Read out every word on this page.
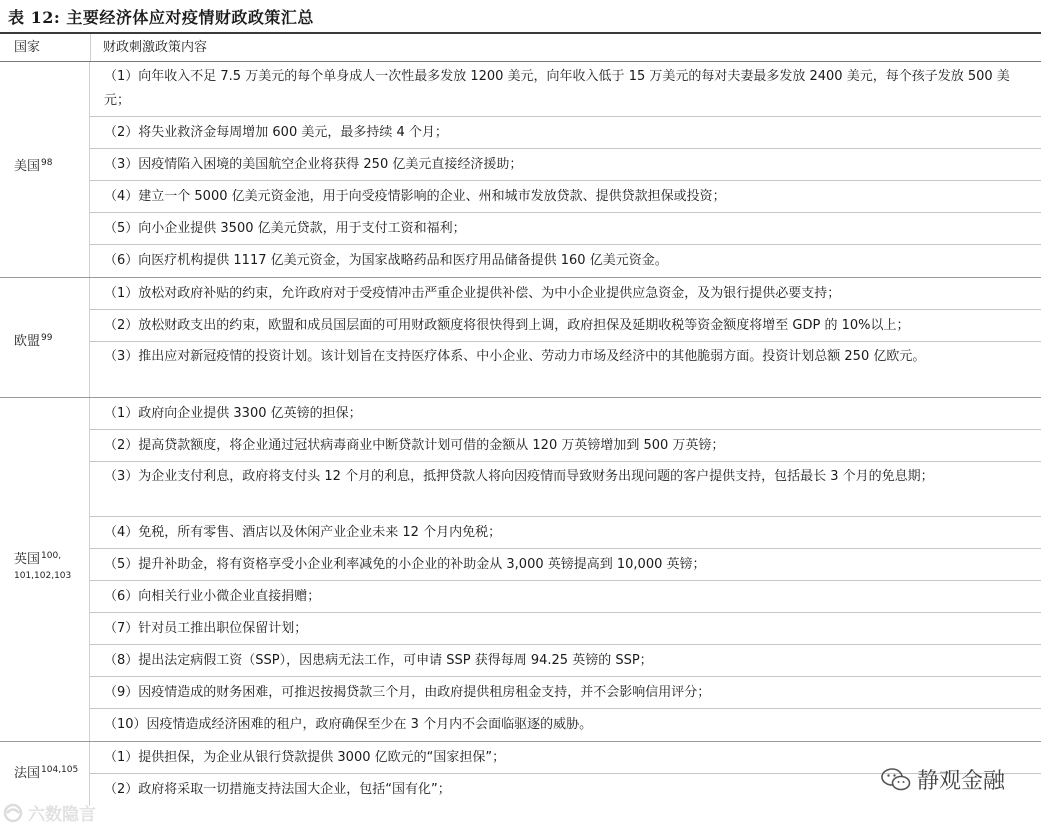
表 12: 主要经济体应对疫情财政政策汇总
国家	财政刺激政策内容
美国$^{98}$
（1）向年收入不足 7.5 万美元的每个单身成人一次性最多发放 1200 美元，向年收入低于 15 万美元的每对夫妻最多发放 2400 美元，每个孩子发放 500 美元；
（2）将失业救济金每周增加 600 美元，最多持续 4 个月；
（3）因疫情陷入困境的美国航空企业将获得 250 亿美元直接经济援助；
（4）建立一个 5000 亿美元资金池，用于向受疫情影响的企业、州和城市发放贷款、提供贷款担保或投资；
（5）向小企业提供 3500 亿美元贷款，用于支付工资和福利；
（6）向医疗机构提供 1117 亿美元资金，为国家战略药品和医疗用品储备提供 160 亿美元资金。
欧盟$^{99}$
（1）放松对政府补贴的约束，允许政府对于受疫情冲击严重企业提供补偿、为中小企业提供应急资金，及为银行提供必要支持；
（2）放松财政支出的约束，欧盟和成员国层面的可用财政额度将很快得到上调，政府担保及延期收税等资金额度将增至 GDP 的 10%以上；
（3）推出应对新冠疫情的投资计划。该计划旨在支持医疗体系、中小企业、劳动力市场及经济中的其他脆弱方面。投资计划总额 250 亿欧元。
英国$^{100,}$
101,102,103
（1）政府向企业提供 3300 亿英镑的担保；
（2）提高贷款额度，将企业通过冠状病毒商业中断贷款计划可借的金额从 120 万英镑增加到 500 万英镑；
（3）为企业支付利息，政府将支付头 12 个月的利息，抵押贷款人将向因疫情而导致财务出现问题的客户提供支持，包括最长 3 个月的免息期；
（4）免税，所有零售、酒店以及休闲产业企业未来 12 个月内免税；
（5）提升补助金，将有资格享受小企业利率减免的小企业的补助金从 3,000 英镑提高到 10,000 英镑；
（6）向相关行业小微企业直接捐赠；
（7）针对员工推出职位保留计划；
（8）提出法定病假工资（SSP），因患病无法工作，可申请 SSP 获得每周 94.25 英镑的 SSP；
（9）因疫情造成的财务困难，可推迟按揭贷款三个月，由政府提供租房租金支持，并不会影响信用评分；
（10）因疫情造成经济困难的租户，政府确保至少在 3 个月内不会面临驱逐的威胁。
法国$^{104,105}$
（1）提供担保，为企业从银行贷款提供 3000 亿欧元的“国家担保”；
（2）政府将采取一切措施支持法国大企业，包括“国有化”；	静观金融
六数隐言
